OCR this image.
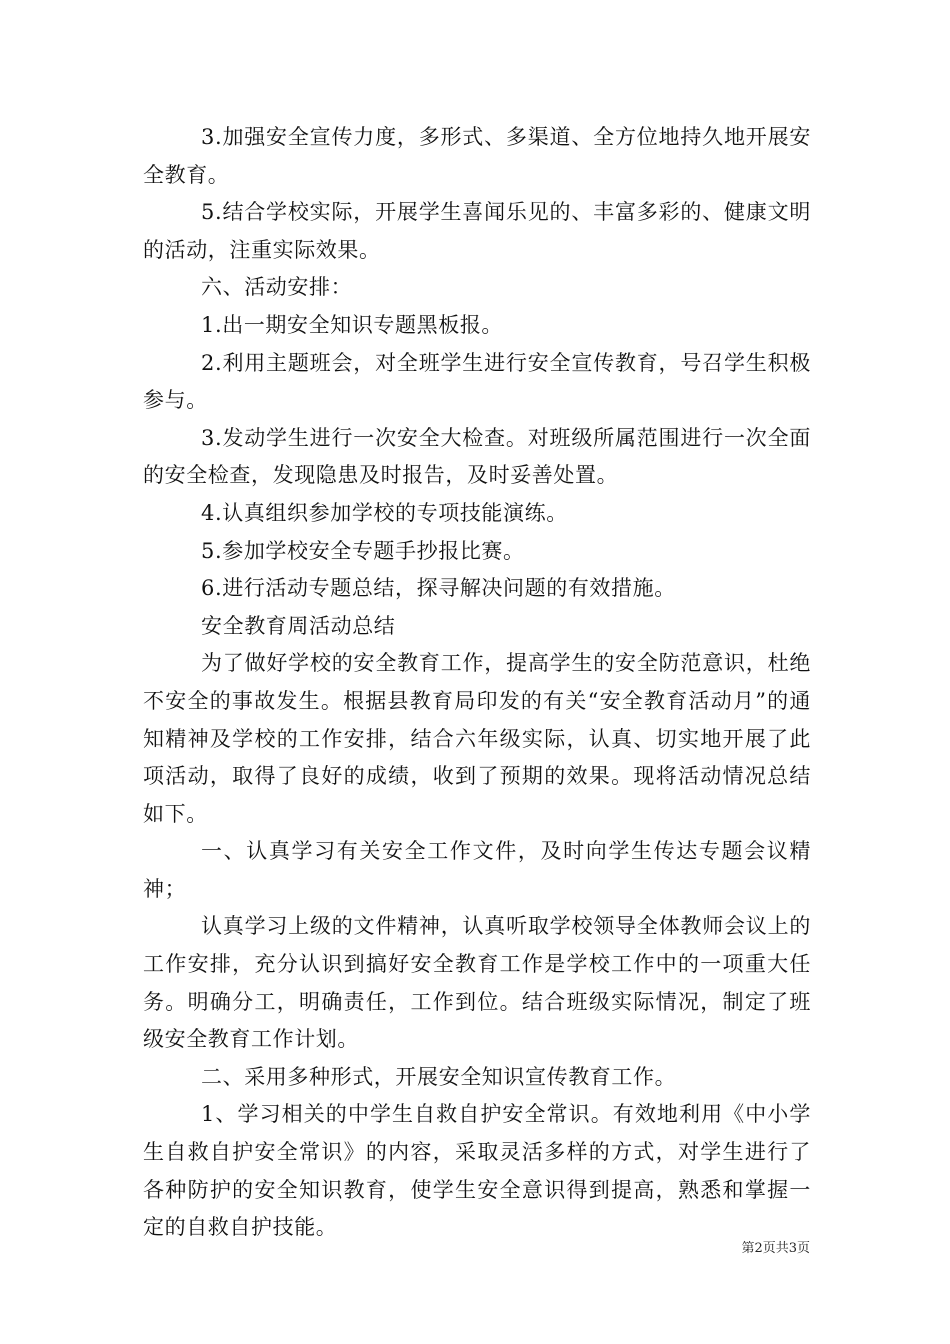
3.加强安全宣传力度，多形式、多渠道、全方位地持久地开展安全教育。

5.结合学校实际，开展学生喜闻乐见的、丰富多彩的、健康文明的活动，注重实际效果。

六、活动安排：

1.出一期安全知识专题黑板报。

2.利用主题班会，对全班学生进行安全宣传教育，号召学生积极参与。

3.发动学生进行一次安全大检查。对班级所属范围进行一次全面的安全检查，发现隐患及时报告，及时妥善处置。

4.认真组织参加学校的专项技能演练。

5.参加学校安全专题手抄报比赛。

6.进行活动专题总结，探寻解决问题的有效措施。

安全教育周活动总结

为了做好学校的安全教育工作，提高学生的安全防范意识，杜绝不安全的事故发生。根据县教育局印发的有关“安全教育活动月”的通知精神及学校的工作安排，结合六年级实际，认真、切实地开展了此项活动，取得了良好的成绩，收到了预期的效果。现将活动情况总结如下。

一、认真学习有关安全工作文件，及时向学生传达专题会议精神；

认真学习上级的文件精神，认真听取学校领导全体教师会议上的工作安排，充分认识到搞好安全教育工作是学校工作中的一项重大任务。明确分工，明确责任，工作到位。结合班级实际情况，制定了班级安全教育工作计划。

二、采用多种形式，开展安全知识宣传教育工作。

1、学习相关的中学生自救自护安全常识。有效地利用《中小学生自救自护安全常识》的内容，采取灵活多样的方式，对学生进行了各种防护的安全知识教育，使学生安全意识得到提高，熟悉和掌握一定的自救自护技能。

第2页共3页
